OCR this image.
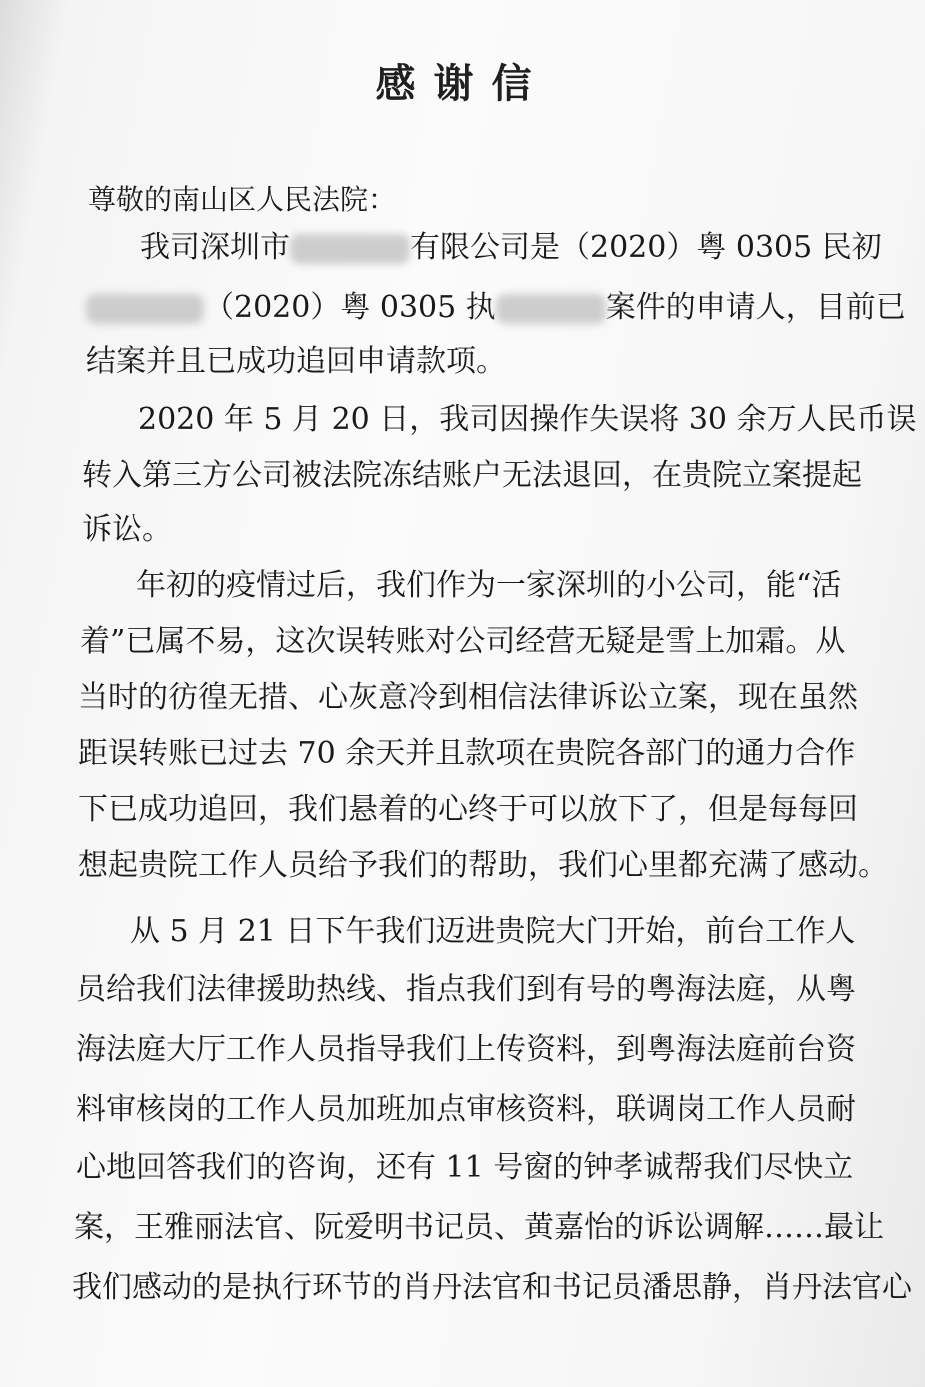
感谢信
尊敬的南山区人民法院：
我司深圳市	有限公司是（2020）粤 0305 民初
（2020）粤 0305 执	案件的申请人，目前已
结案并且已成功追回申请款项。
2020 年 5 月 20 日，我司因操作失误将 30 余万人民币误
转入第三方公司被法院冻结账户无法退回，在贵院立案提起
诉讼。
年初的疫情过后，我们作为一家深圳的小公司，能“活
着”已属不易，这次误转账对公司经营无疑是雪上加霜。从
当时的彷徨无措、心灰意冷到相信法律诉讼立案，现在虽然
距误转账已过去 70 余天并且款项在贵院各部门的通力合作
下已成功追回，我们悬着的心终于可以放下了，但是每每回
想起贵院工作人员给予我们的帮助，我们心里都充满了感动。
从 5 月 21 日下午我们迈进贵院大门开始，前台工作人
员给我们法律援助热线、指点我们到有号的粤海法庭，从粤
海法庭大厅工作人员指导我们上传资料，到粤海法庭前台资
料审核岗的工作人员加班加点审核资料，联调岗工作人员耐
心地回答我们的咨询，还有 11 号窗的钟孝诚帮我们尽快立
案，王雅丽法官、阮爱明书记员、黄嘉怡的诉讼调解……最让
我们感动的是执行环节的肖丹法官和书记员潘思静，肖丹法官心
